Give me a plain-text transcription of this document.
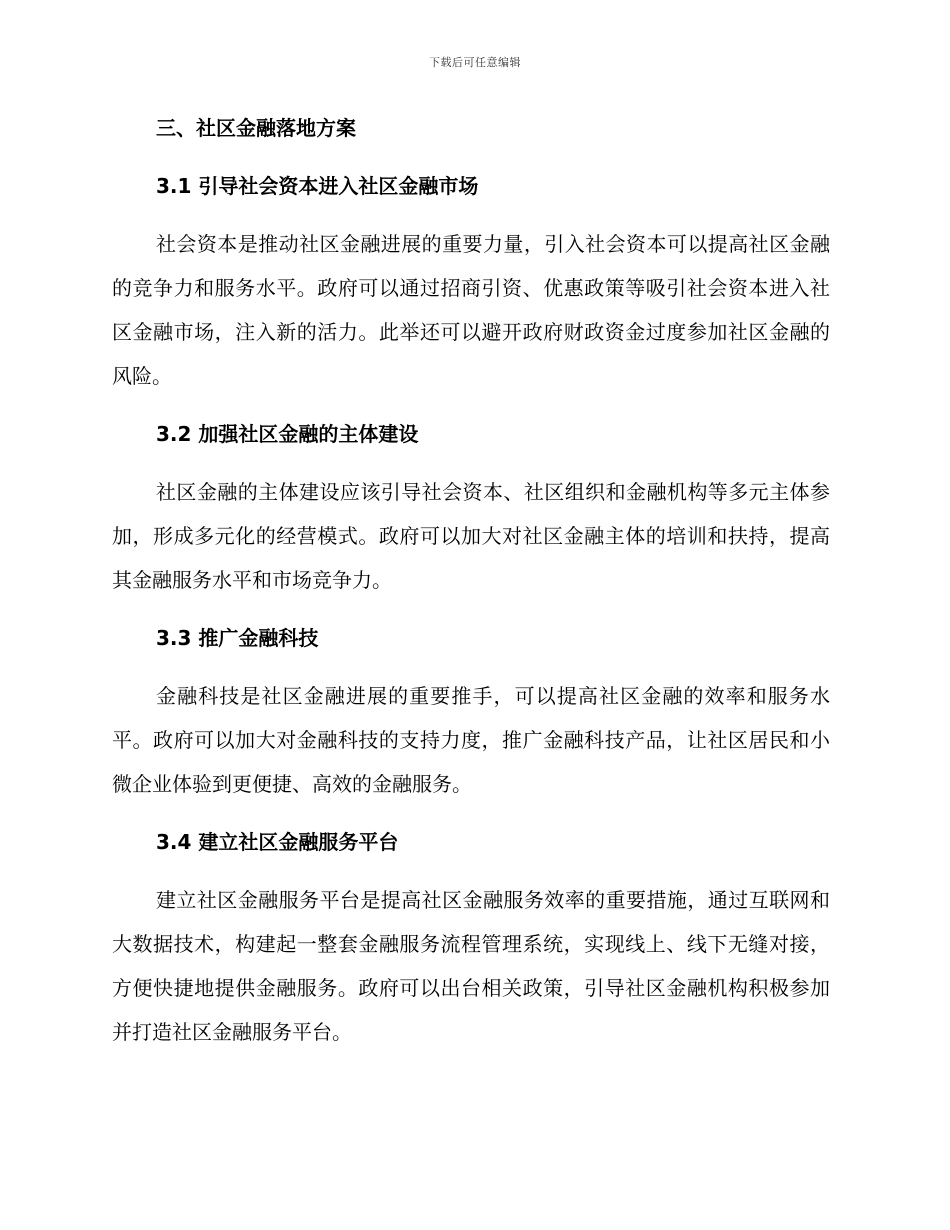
下载后可任意编辑
三、社区金融落地方案
3.1 引导社会资本进入社区金融市场
社会资本是推动社区金融进展的重要力量，引入社会资本可以提高社区金融的竞争力和服务水平。政府可以通过招商引资、优惠政策等吸引社会资本进入社区金融市场，注入新的活力。此举还可以避开政府财政资金过度参加社区金融的风险。
3.2 加强社区金融的主体建设
社区金融的主体建设应该引导社会资本、社区组织和金融机构等多元主体参加，形成多元化的经营模式。政府可以加大对社区金融主体的培训和扶持，提高其金融服务水平和市场竞争力。
3.3 推广金融科技
金融科技是社区金融进展的重要推手，可以提高社区金融的效率和服务水平。政府可以加大对金融科技的支持力度，推广金融科技产品，让社区居民和小微企业体验到更便捷、高效的金融服务。
3.4 建立社区金融服务平台
建立社区金融服务平台是提高社区金融服务效率的重要措施，通过互联网和大数据技术，构建起一整套金融服务流程管理系统，实现线上、线下无缝对接，方便快捷地提供金融服务。政府可以出台相关政策，引导社区金融机构积极参加并打造社区金融服务平台。
